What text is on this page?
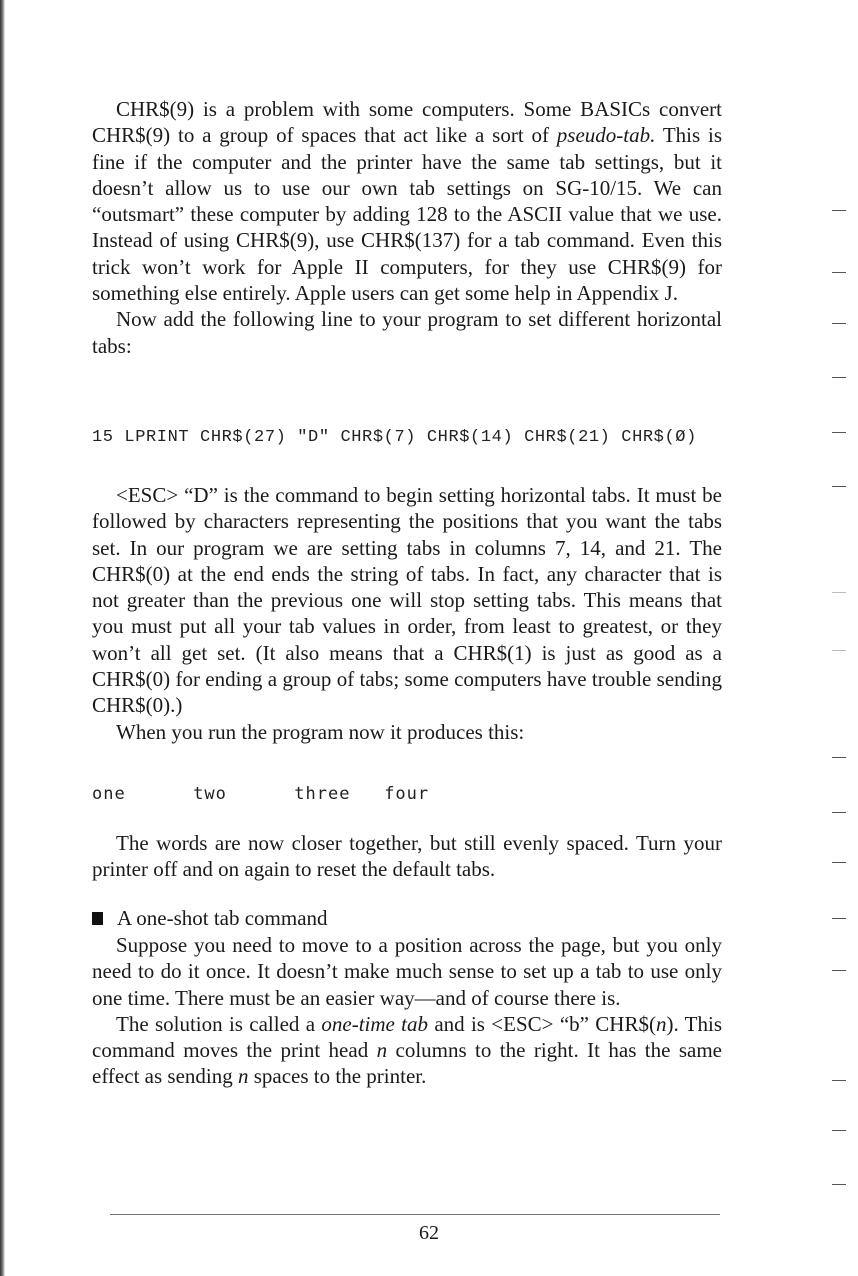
CHR$(9) is a problem with some computers. Some BASICs convert CHR$(9) to a group of spaces that act like a sort of pseudo-tab. This is fine if the computer and the printer have the same tab settings, but it doesn’t allow us to use our own tab settings on SG-10/15. We can “outsmart” these computer by adding 128 to the ASCII value that we use. Instead of using CHR$(9), use CHR$(137) for a tab command. Even this trick won’t work for Apple II computers, for they use CHR$(9) for something else entirely. Apple users can get some help in Appendix J.

Now add the following line to your program to set different horizontal tabs:

15 LPRINT CHR$(27) "D" CHR$(7) CHR$(14) CHR$(21) CHR$(Ø)

<ESC> “D” is the command to begin setting horizontal tabs. It must be followed by characters representing the positions that you want the tabs set. In our program we are setting tabs in columns 7, 14, and 21. The CHR$(0) at the end ends the string of tabs. In fact, any character that is not greater than the previous one will stop setting tabs. This means that you must put all your tab values in order, from least to greatest, or they won’t all get set. (It also means that a CHR$(1) is just as good as a CHR$(0) for ending a group of tabs; some computers have trouble sending CHR$(0).)

When you run the program now it produces this:

one	two	three four

The words are now closer together, but still evenly spaced. Turn your printer off and on again to reset the default tabs.

A one-shot tab command

Suppose you need to move to a position across the page, but you only need to do it once. It doesn’t make much sense to set up a tab to use only one time. There must be an easier way—and of course there is.

The solution is called a one-time tab and is <ESC> “b” CHR$(n). This command moves the print head n columns to the right. It has the same effect as sending n spaces to the printer.

62
